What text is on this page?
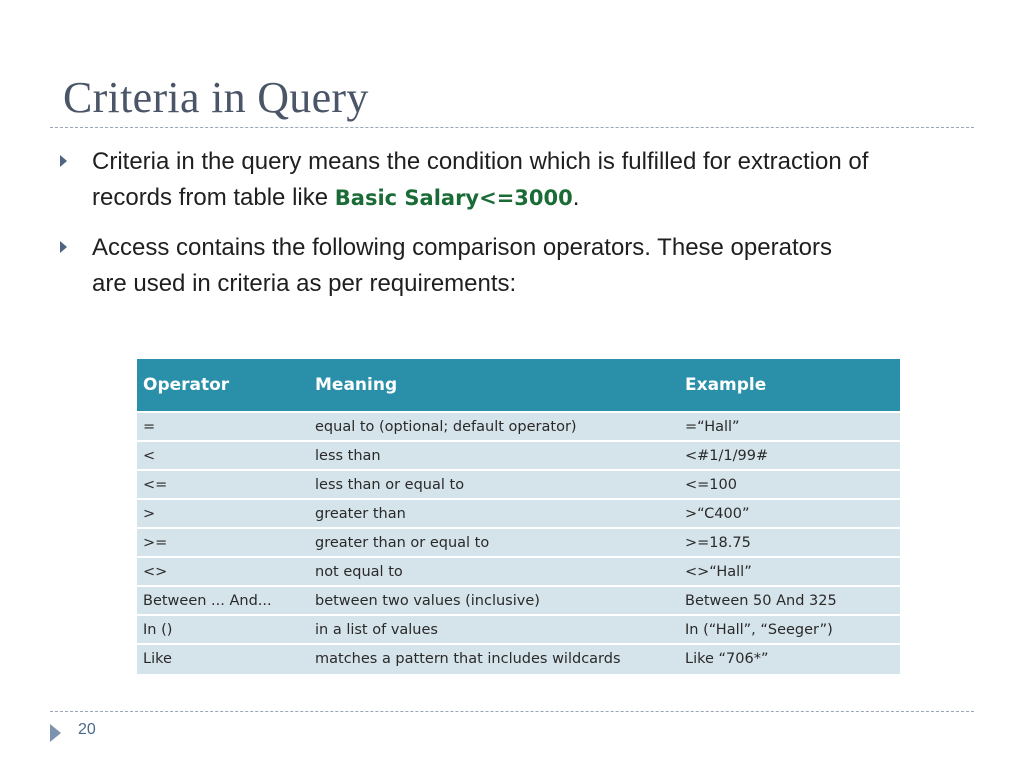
Criteria in Query
Criteria in the query means the condition which is fulfilled for extraction of records from table like Basic Salary<=3000.
Access contains the following comparison operators. These operators are used in criteria as per requirements:
Operator	Meaning	Example
=	equal to (optional; default operator)	=“Hall”
<	less than	<#1/1/99#
<=	less than or equal to	<=100
>	greater than	>“C400”
>=	greater than or equal to	>=18.75
<>	not equal to	<>“Hall”
Between ... And...	between two values (inclusive)	Between 50 And 325
In ()	in a list of values	In (“Hall”, “Seeger”)
Like	matches a pattern that includes wildcards	Like “706*”
20
